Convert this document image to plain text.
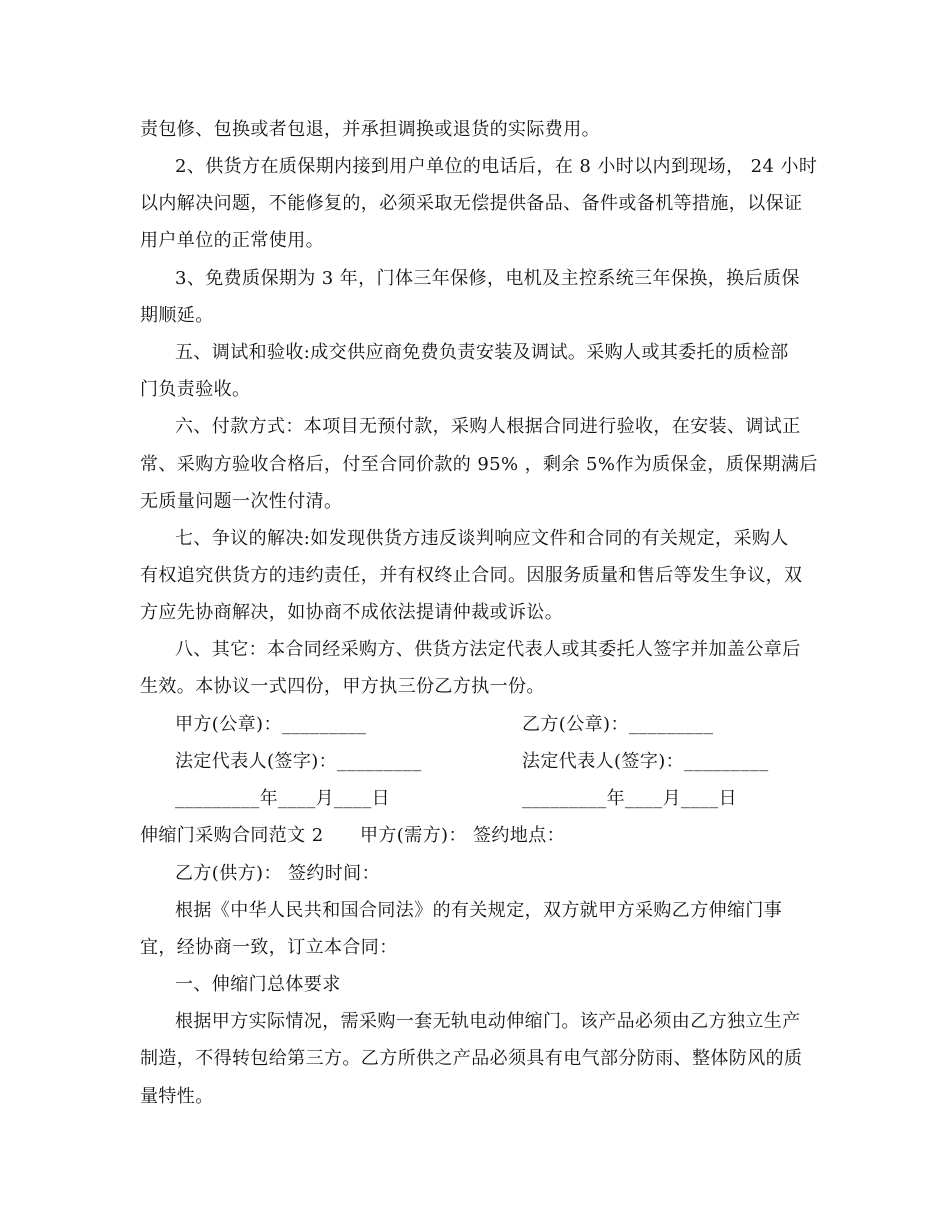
责包修、包换或者包退，并承担调换或退货的实际费用。
2、供货方在质保期内接到用户单位的电话后，在 8 小时以内到现场， 24 小时
以内解决问题，不能修复的，必须采取无偿提供备品、备件或备机等措施，以保证
用户单位的正常使用。
3、免费质保期为 3 年，门体三年保修，电机及主控系统三年保换，换后质保
期顺延。
五、调试和验收:成交供应商免费负责安装及调试。采购人或其委托的质检部
门负责验收。
六、付款方式：本项目无预付款，采购人根据合同进行验收，在安装、调试正
常、采购方验收合格后，付至合同价款的 95% ，剩余 5%作为质保金，质保期满后
无质量问题一次性付清。
七、争议的解决:如发现供货方违反谈判响应文件和合同的有关规定，采购人
有权追究供货方的违约责任，并有权终止合同。因服务质量和售后等发生争议，双
方应先协商解决，如协商不成依法提请仲裁或诉讼。
八、其它：本合同经采购方、供货方法定代表人或其委托人签字并加盖公章后
生效。本协议一式四份，甲方执三份乙方执一份。
甲方(公章)：_________	乙方(公章)：_________
法定代表人(签字)：_________	法定代表人(签字)：_________
_________年____月____日	_________年____月____日
伸缩门采购合同范文 2 甲方(需方)： 签约地点：
乙方(供方)： 签约时间：
根据《中华人民共和国合同法》的有关规定，双方就甲方采购乙方伸缩门事
宜，经协商一致，订立本合同：
一、伸缩门总体要求
根据甲方实际情况，需采购一套无轨电动伸缩门。该产品必须由乙方独立生产
制造，不得转包给第三方。乙方所供之产品必须具有电气部分防雨、整体防风的质
量特性。
